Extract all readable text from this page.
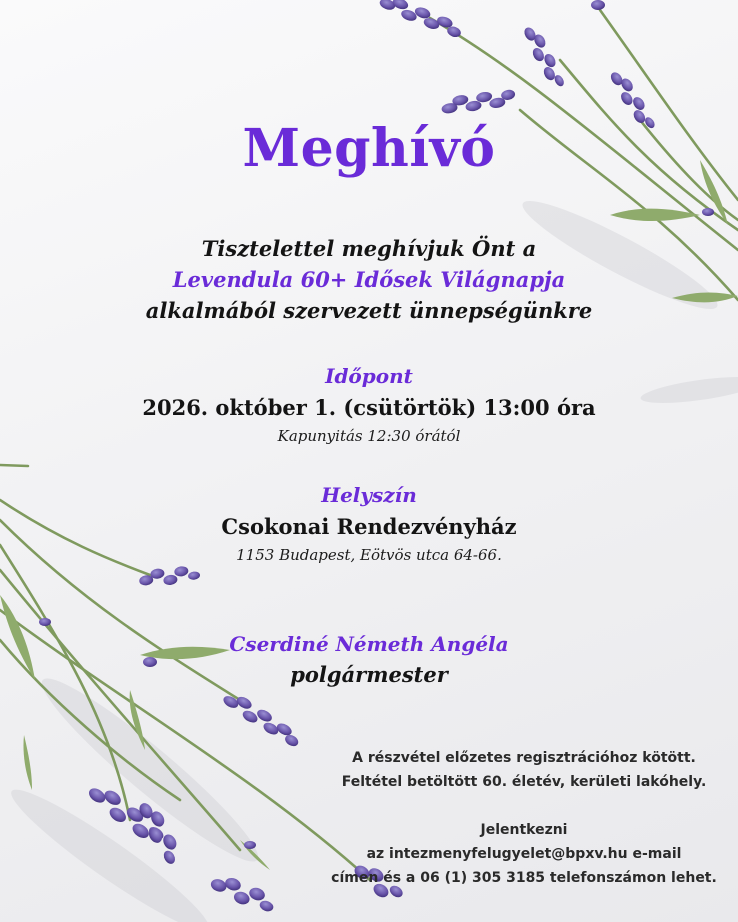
Meghívó
Tisztelettel meghívjuk Önt a
Levendula 60+ Idősek Világnapja
alkalmából szervezett ünnepségünkre
Időpont
2026. október 1. (csütörtök) 13:00 óra
Kapunyitás 12:30 órától
Helyszín
Csokonai Rendezvényház
1153 Budapest, Eötvös utca 64-66.
Cserdiné Németh Angéla
polgármester
A részvétel előzetes regisztrációhoz kötött.
Feltétel betöltött 60. életév, kerületi lakóhely.
Jelentkezni
az intezmenyfelugyelet@bpxv.hu e-mail
címen és a 06 (1) 305 3185 telefonszámon lehet.
